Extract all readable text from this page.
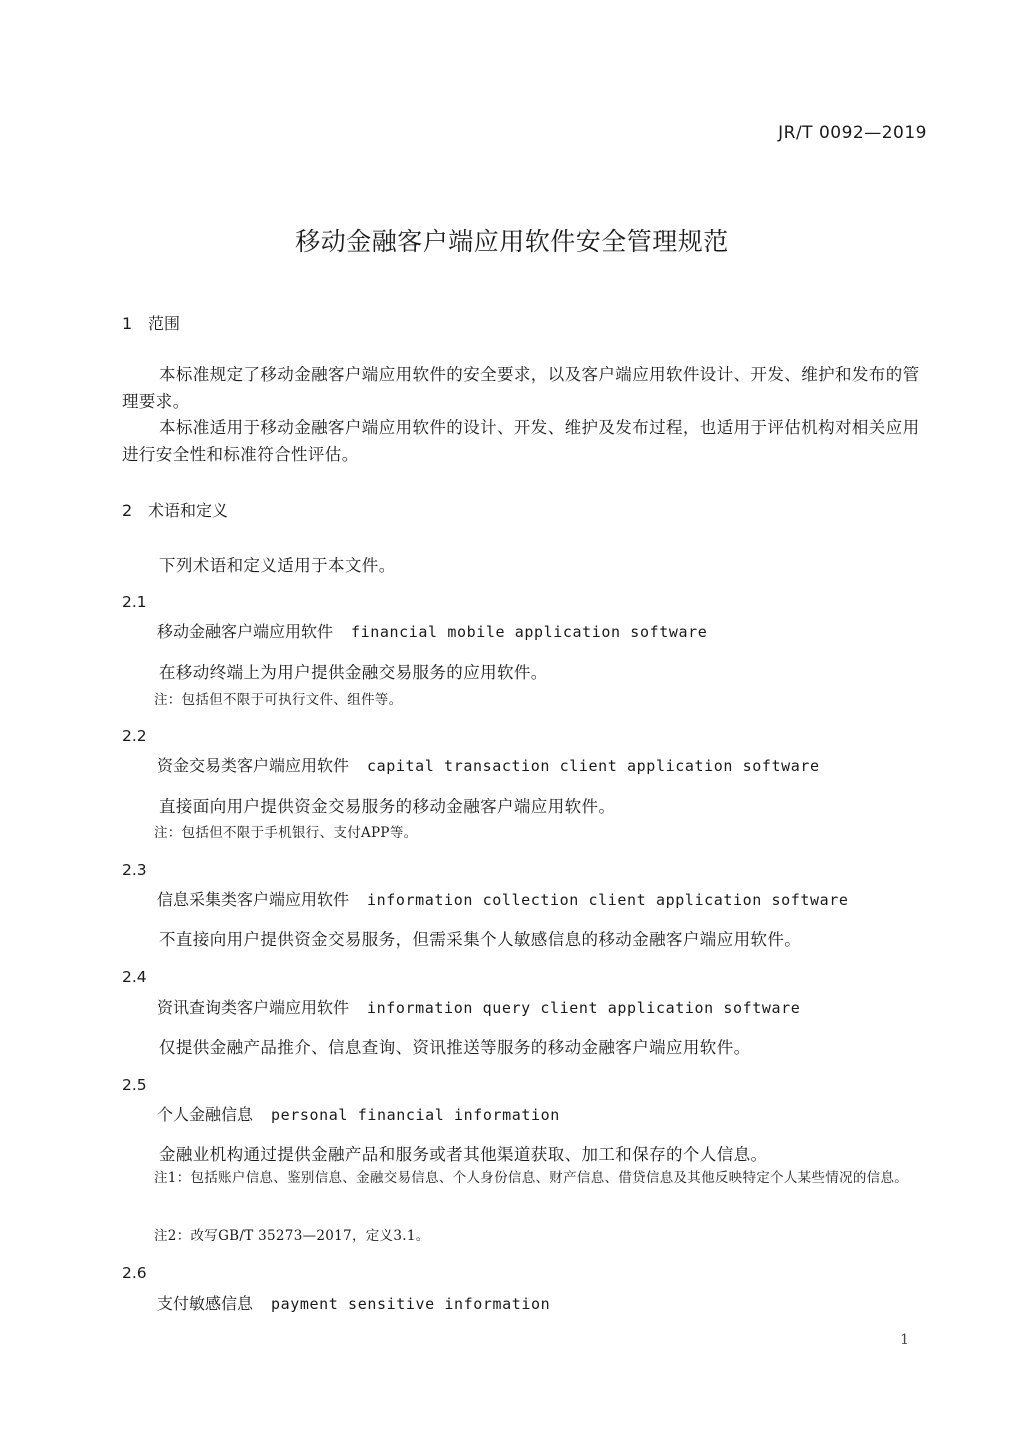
JR/T 0092—2019
移动金融客户端应用软件安全管理规范
1 范围
本标准规定了移动金融客户端应用软件的安全要求，以及客户端应用软件设计、开发、维护和发布的管理要求。
本标准适用于移动金融客户端应用软件的设计、开发、维护及发布过程，也适用于评估机构对相关应用进行安全性和标准符合性评估。
2 术语和定义
下列术语和定义适用于本文件。
2.1
移动金融客户端应用软件 financial mobile application software
在移动终端上为用户提供金融交易服务的应用软件。
注：包括但不限于可执行文件、组件等。
2.2
资金交易类客户端应用软件 capital transaction client application software
直接面向用户提供资金交易服务的移动金融客户端应用软件。
注：包括但不限于手机银行、支付APP等。
2.3
信息采集类客户端应用软件 information collection client application software
不直接向用户提供资金交易服务，但需采集个人敏感信息的移动金融客户端应用软件。
2.4
资讯查询类客户端应用软件 information query client application software
仅提供金融产品推介、信息查询、资讯推送等服务的移动金融客户端应用软件。
2.5
个人金融信息 personal financial information
金融业机构通过提供金融产品和服务或者其他渠道获取、加工和保存的个人信息。
注1：包括账户信息、鉴别信息、金融交易信息、个人身份信息、财产信息、借贷信息及其他反映特定个人某些情况的信息。
注2：改写GB/T 35273—2017，定义3.1。
2.6
支付敏感信息 payment sensitive information
1
